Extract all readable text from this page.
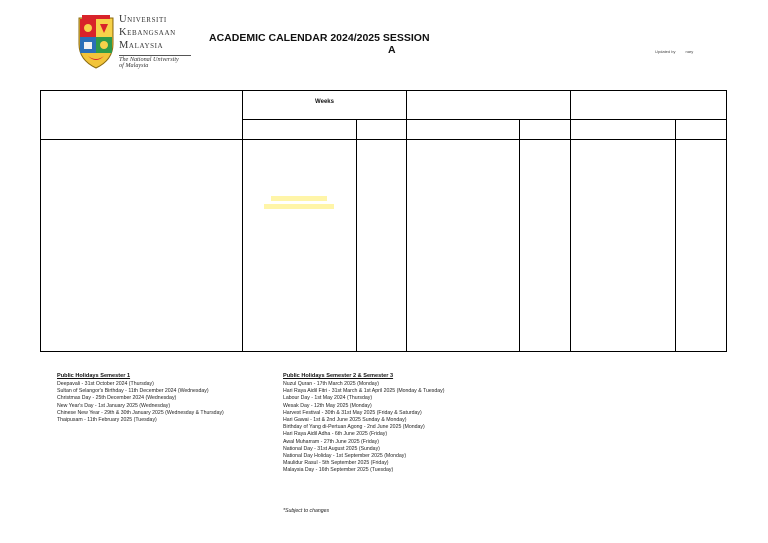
Universiti
Kebangsaan
Malaysia
The National University
of Malaysia
ACADEMIC CALENDAR 2024/2025 SESSION
A	Updated by	nary
Weeks
Public Holidays Semester 1
Deepavali - 31st October 2024 (Thursday)
Sultan of Selangor's Birthday - 11th December 2024 (Wednesday)
Christmas Day - 25th December 2024 (Wednesday)
New Year's Day - 1st January 2025 (Wednesday)
Chinese New Year - 29th & 30th January 2025 (Wednesday & Thursday)
Thaipusam - 11th February 2025 (Tuesday)
Public Holidays Semester 2 & Semester 3
Nuzul Quran - 17th March 2025 (Monday)
Hari Raya Aidil Fitri - 31st March & 1st April 2025 (Monday & Tuesday)
Labour Day - 1st May 2024 (Thursday)
Wesak Day - 12th May 2025 (Monday)
Harvest Festival - 30th & 31st May 2025 (Friday & Saturday)
Hari Gawai - 1st & 2nd June 2025 Sunday & Monday)
Birthday of Yang di-Pertuan Agong - 2nd June 2025 (Monday)
Hari Raya Aidil Adha - 6th June 2025 (Friday)
Awal Muharram - 27th June 2025 (Friday)
National Day - 31st August 2025 (Sunday)
National Day Holiday - 1st September 2025 (Monday)
Maulidur Rasul - 5th September 2025 (Friday)
Malaysia Day - 16th September 2025 (Tuesday)
*Subject to changes
